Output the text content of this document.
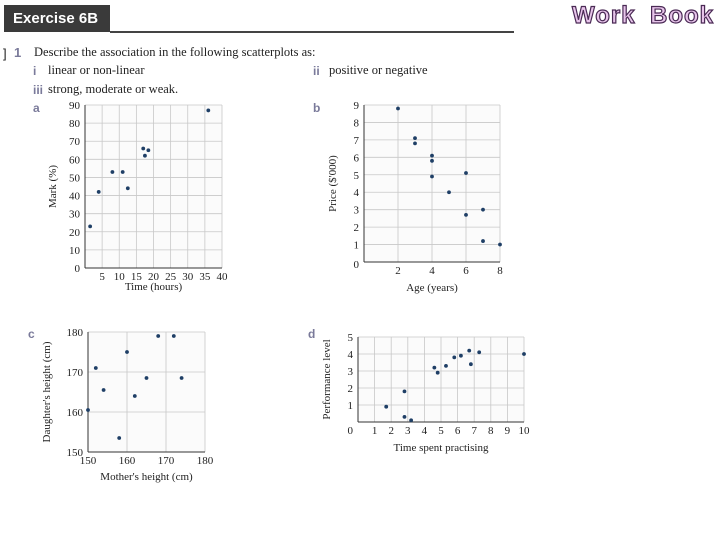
Exercise 6B	Work Book
] 1 Describe the association in the following scatterplots as:
i linear or non-linear	ii positive or negative
iii strong, moderate or weak.
a	b
c	d
5 10 15 20 25 30 35 40
10
20
30
40
50
60
70
80
90
0
Time (hours)
Mark (%)
2	4	6	8
1
2
3
4
5
6
7
8
9
0
Age (years)
Price ($'000)
150 160 170 180
150
160
170
180
Mother's height (cm)
Daughter's height (cm)	1 2 3 4 5 6 7 8 9 10
1
2
3
4
5
0
Time spent practising
Performance level
